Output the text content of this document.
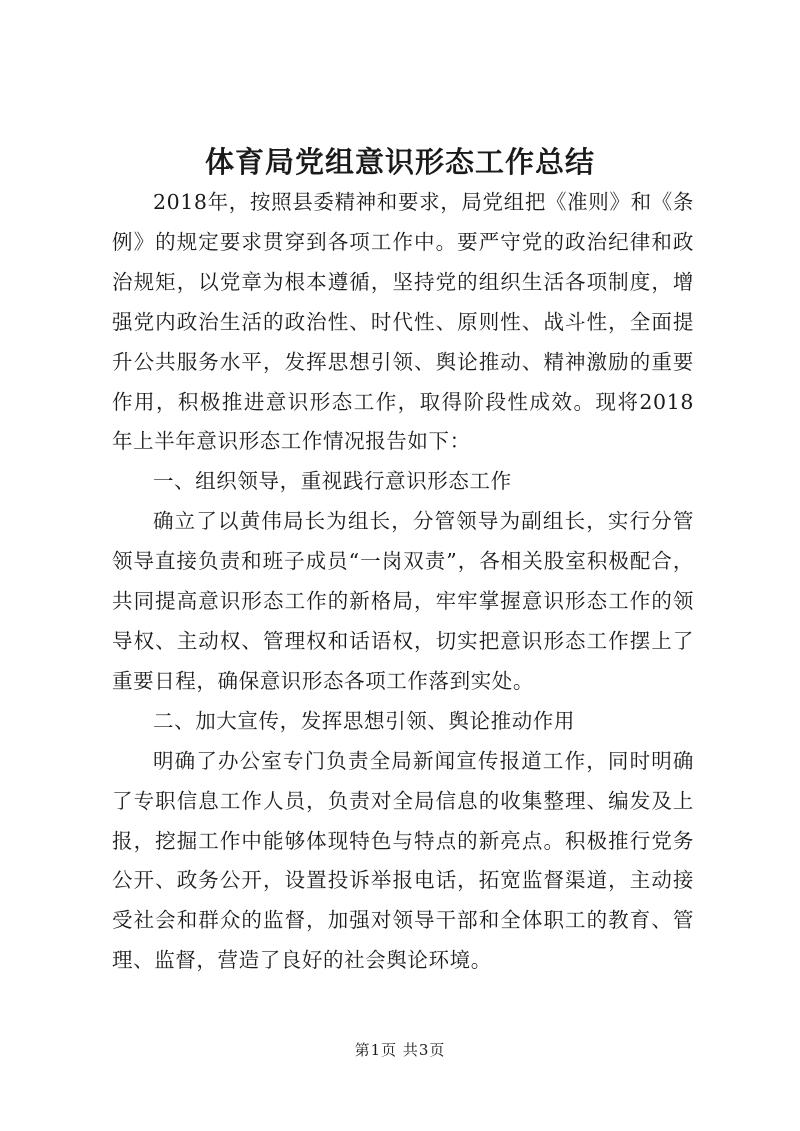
体育局党组意识形态工作总结

2018年，按照县委精神和要求，局党组把《准则》和《条例》的规定要求贯穿到各项工作中。要严守党的政治纪律和政治规矩，以党章为根本遵循，坚持党的组织生活各项制度，增强党内政治生活的政治性、时代性、原则性、战斗性，全面提升公共服务水平，发挥思想引领、舆论推动、精神激励的重要作用，积极推进意识形态工作，取得阶段性成效。现将2018年上半年意识形态工作情况报告如下：

一、组织领导，重视践行意识形态工作

确立了以黄伟局长为组长，分管领导为副组长，实行分管领导直接负责和班子成员“一岗双责”，各相关股室积极配合，共同提高意识形态工作的新格局，牢牢掌握意识形态工作的领导权、主动权、管理权和话语权，切实把意识形态工作摆上了重要日程，确保意识形态各项工作落到实处。

二、加大宣传，发挥思想引领、舆论推动作用

明确了办公室专门负责全局新闻宣传报道工作，同时明确了专职信息工作人员，负责对全局信息的收集整理、编发及上报，挖掘工作中能够体现特色与特点的新亮点。积极推行党务公开、政务公开，设置投诉举报电话，拓宽监督渠道，主动接受社会和群众的监督，加强对领导干部和全体职工的教育、管理、监督，营造了良好的社会舆论环境。

第1页 共3页
